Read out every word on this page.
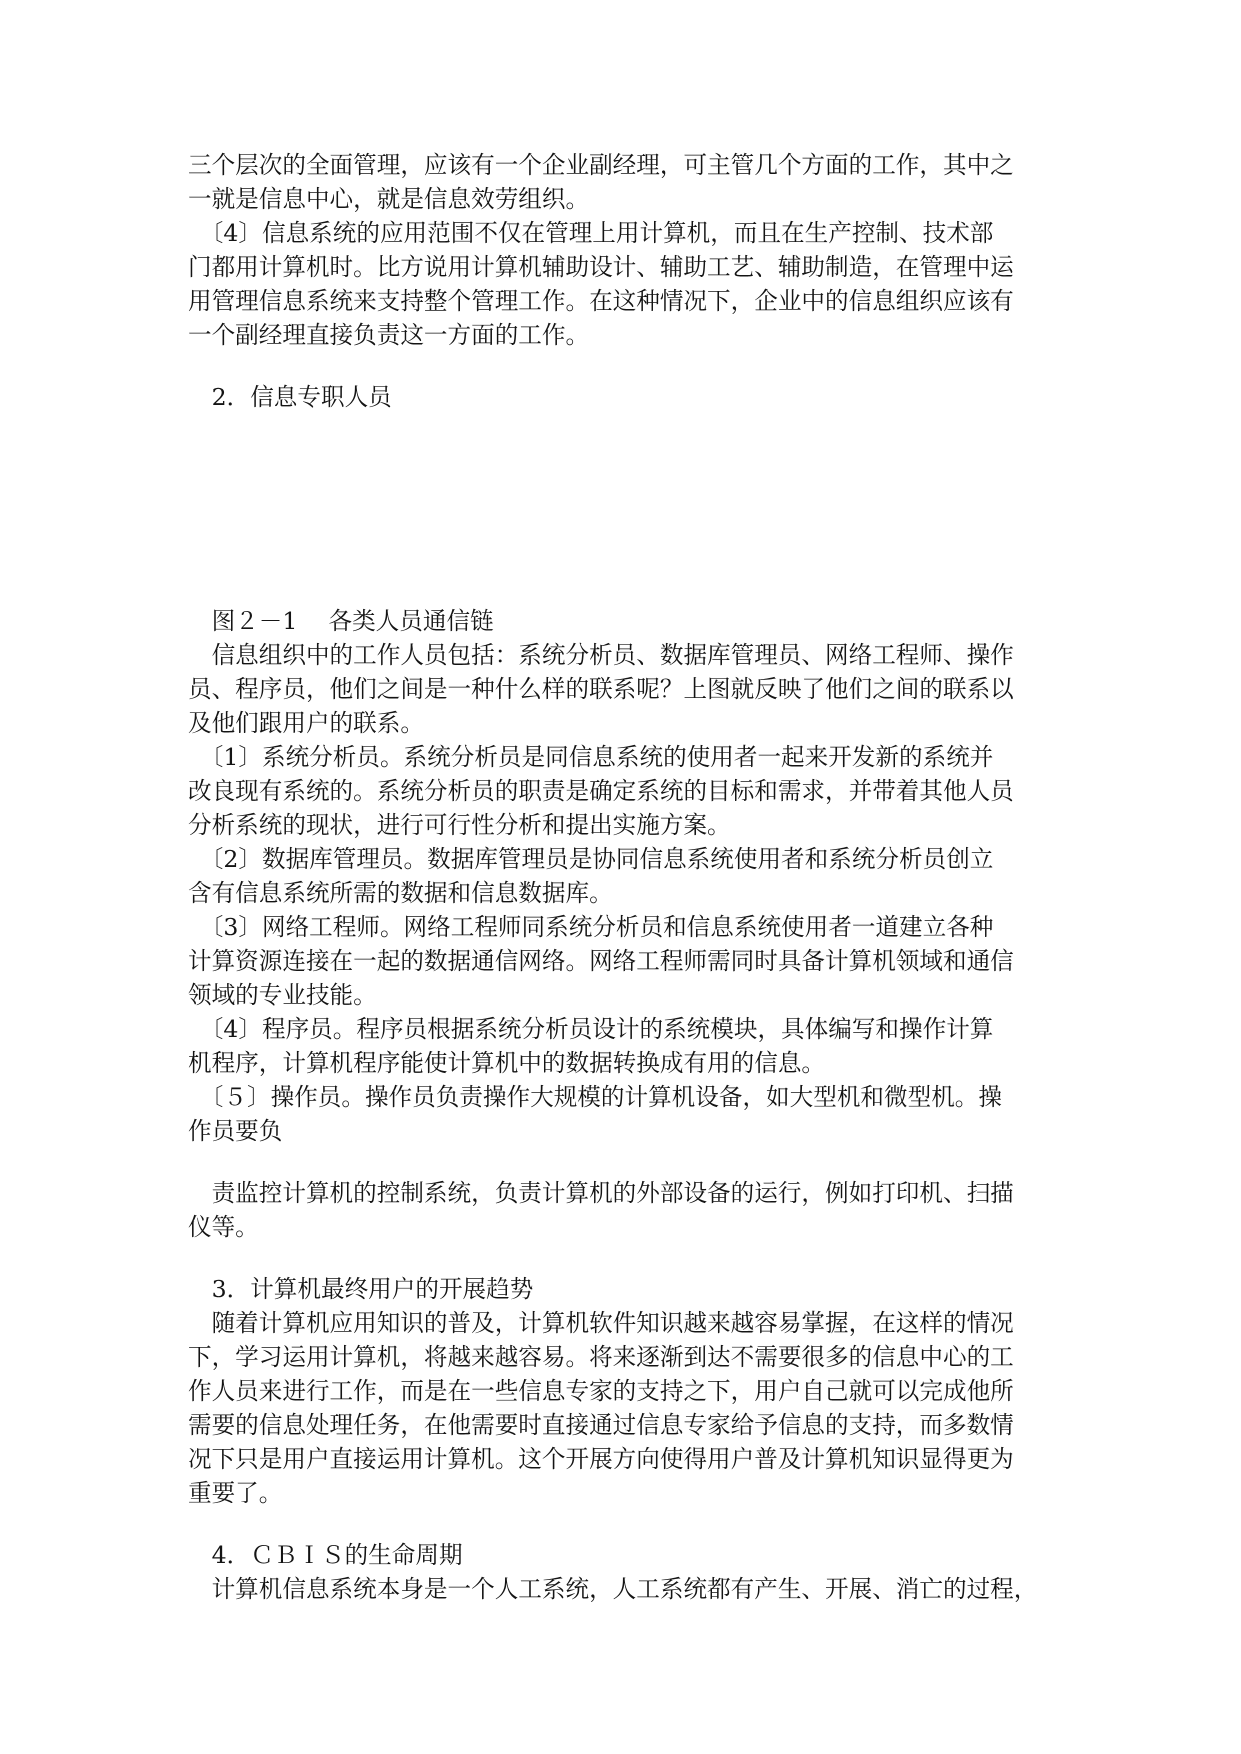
三个层次的全面管理，应该有一个企业副经理，可主管几个方面的工作，其中之

一就是信息中心，就是信息效劳组织。

　〔4〕信息系统的应用范围不仅在管理上用计算机，而且在生产控制、技术部

门都用计算机时。比方说用计算机辅助设计、辅助工艺、辅助制造，在管理中运

用管理信息系统来支持整个管理工作。在这种情况下，企业中的信息组织应该有

一个副经理直接负责这一方面的工作。

　2．信息专职人员

　图２－1　 各类人员通信链

　信息组织中的工作人员包括：系统分析员、数据库管理员、网络工程师、操作

员、程序员，他们之间是一种什么样的联系呢？上图就反映了他们之间的联系以

及他们跟用户的联系。

　〔1〕系统分析员。系统分析员是同信息系统的使用者一起来开发新的系统并

改良现有系统的。系统分析员的职责是确定系统的目标和需求，并带着其他人员

分析系统的现状，进行可行性分析和提出实施方案。

　〔2〕数据库管理员。数据库管理员是协同信息系统使用者和系统分析员创立

含有信息系统所需的数据和信息数据库。

　〔3〕网络工程师。网络工程师同系统分析员和信息系统使用者一道建立各种

计算资源连接在一起的数据通信网络。网络工程师需同时具备计算机领域和通信

领域的专业技能。

　〔4〕程序员。程序员根据系统分析员设计的系统模块，具体编写和操作计算

机程序，计算机程序能使计算机中的数据转换成有用的信息。

　〔５〕操作员。操作员负责操作大规模的计算机设备，如大型机和微型机。操

作员要负

　责监控计算机的控制系统，负责计算机的外部设备的运行，例如打印机、扫描

仪等。

　3．计算机最终用户的开展趋势

　随着计算机应用知识的普及，计算机软件知识越来越容易掌握，在这样的情况

下，学习运用计算机，将越来越容易。将来逐渐到达不需要很多的信息中心的工

作人员来进行工作，而是在一些信息专家的支持之下，用户自己就可以完成他所

需要的信息处理任务，在他需要时直接通过信息专家给予信息的支持，而多数情

况下只是用户直接运用计算机。这个开展方向使得用户普及计算机知识显得更为

重要了。

　4．ＣＢＩＳ的生命周期

　计算机信息系统本身是一个人工系统，人工系统都有产生、开展、消亡的过程，
